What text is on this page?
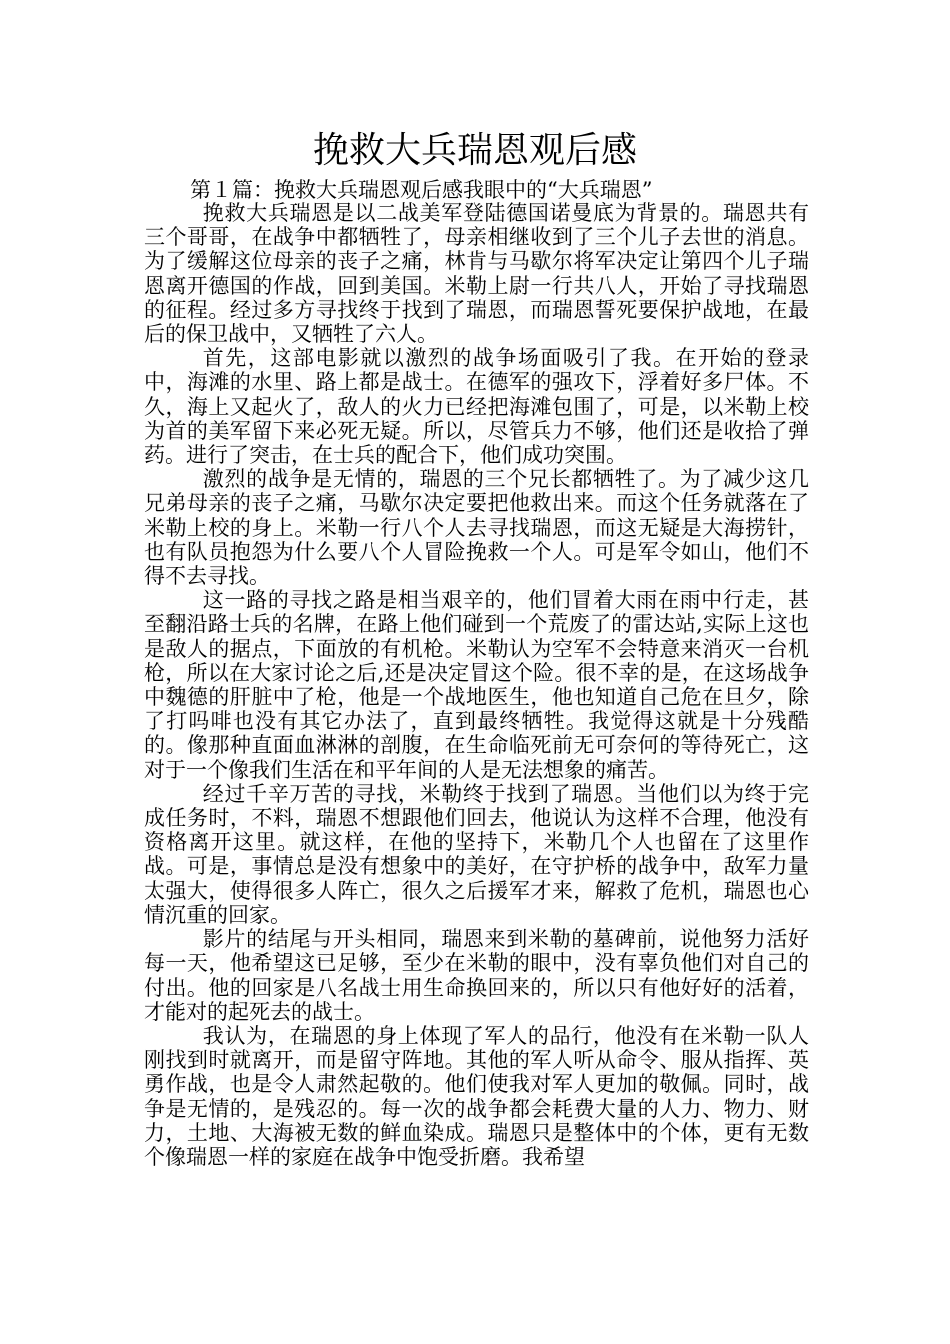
挽救大兵瑞恩观后感
第１篇：挽救大兵瑞恩观后感我眼中的“大兵瑞恩”

挽救大兵瑞恩是以二战美军登陆德国诺曼底为背景的。瑞恩共有三个哥哥，在战争中都牺牲了，母亲相继收到了三个儿子去世的消息。为了缓解这位母亲的丧子之痛，林肯与马歇尔将军决定让第四个儿子瑞恩离开德国的作战，回到美国。米勒上尉一行共八人，开始了寻找瑞恩的征程。经过多方寻找终于找到了瑞恩，而瑞恩誓死要保护战地，在最后的保卫战中，又牺牲了六人。

首先，这部电影就以激烈的战争场面吸引了我。在开始的登录中，海滩的水里、路上都是战士。在德军的强攻下，浮着好多尸体。不久，海上又起火了，敌人的火力已经把海滩包围了，可是，以米勒上校为首的美军留下来必死无疑。所以，尽管兵力不够，他们还是收拾了弹药。进行了突击，在士兵的配合下，他们成功突围。

激烈的战争是无情的，瑞恩的三个兄长都牺牲了。为了减少这几兄弟母亲的丧子之痛，马歇尔决定要把他救出来。而这个任务就落在了米勒上校的身上。米勒一行八个人去寻找瑞恩，而这无疑是大海捞针，也有队员抱怨为什么要八个人冒险挽救一个人。可是军令如山，他们不得不去寻找。

这一路的寻找之路是相当艰辛的，他们冒着大雨在雨中行走，甚至翻沿路士兵的名牌，在路上他们碰到一个荒废了的雷达站,实际上这也是敌人的据点，下面放的有机枪。米勒认为空军不会特意来消灭一台机枪，所以在大家讨论之后,还是决定冒这个险。很不幸的是，在这场战争中魏德的肝脏中了枪，他是一个战地医生，他也知道自己危在旦夕，除了打吗啡也没有其它办法了，直到最终牺牲。我觉得这就是十分残酷的。像那种直面血淋淋的剖腹，在生命临死前无可奈何的等待死亡，这对于一个像我们生活在和平年间的人是无法想象的痛苦。

经过千辛万苦的寻找，米勒终于找到了瑞恩。当他们以为终于完成任务时，不料，瑞恩不想跟他们回去，他说认为这样不合理，他没有资格离开这里。就这样，在他的坚持下，米勒几个人也留在了这里作战。可是，事情总是没有想象中的美好，在守护桥的战争中，敌军力量太强大，使得很多人阵亡，很久之后援军才来，解救了危机，瑞恩也心情沉重的回家。

影片的结尾与开头相同，瑞恩来到米勒的墓碑前，说他努力活好每一天，他希望这已足够，至少在米勒的眼中，没有辜负他们对自己的付出。他的回家是八名战士用生命换回来的，所以只有他好好的活着，才能对的起死去的战士。

我认为，在瑞恩的身上体现了军人的品行，他没有在米勒一队人刚找到时就离开，而是留守阵地。其他的军人听从命令、服从指挥、英勇作战，也是令人肃然起敬的。他们使我对军人更加的敬佩。同时，战争是无情的，是残忍的。每一次的战争都会耗费大量的人力、物力、财力，土地、大海被无数的鲜血染成。瑞恩只是整体中的个体，更有无数个像瑞恩一样的家庭在战争中饱受折磨。我希望
